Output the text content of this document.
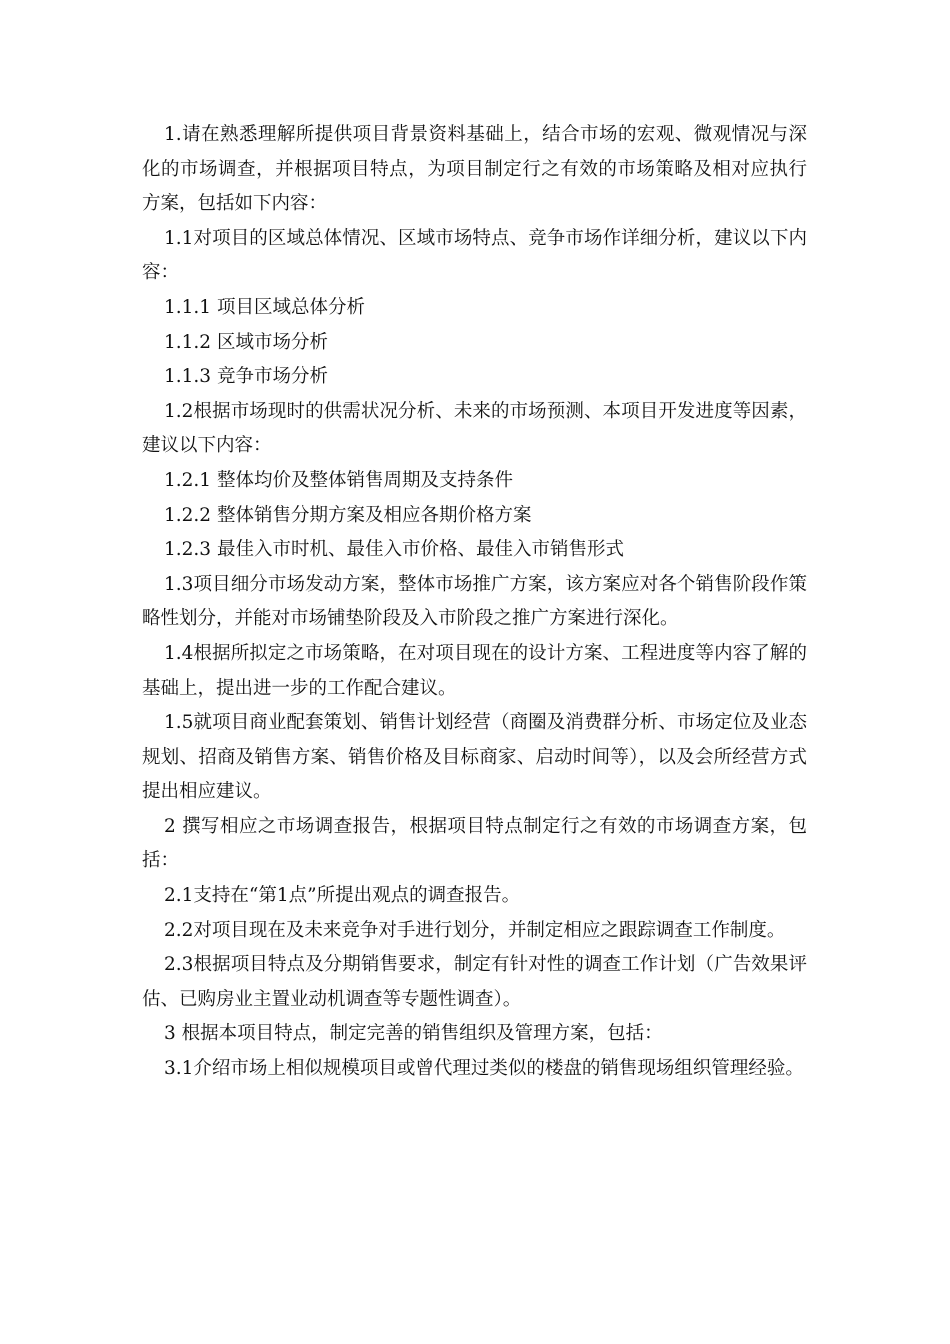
1.请在熟悉理解所提供项目背景资料基础上，结合市场的宏观、微观情况与深化的市场调查，并根据项目特点，为项目制定行之有效的市场策略及相对应执行方案，包括如下内容：

1.1对项目的区域总体情况、区域市场特点、竞争市场作详细分析，建议以下内容：

1.1.1 项目区域总体分析

1.1.2 区域市场分析

1.1.3 竞争市场分析

1.2根据市场现时的供需状况分析、未来的市场预测、本项目开发进度等因素，建议以下内容：

1.2.1 整体均价及整体销售周期及支持条件

1.2.2 整体销售分期方案及相应各期价格方案

1.2.3 最佳入市时机、最佳入市价格、最佳入市销售形式

1.3项目细分市场发动方案，整体市场推广方案，该方案应对各个销售阶段作策略性划分，并能对市场铺垫阶段及入市阶段之推广方案进行深化。

1.4根据所拟定之市场策略，在对项目现在的设计方案、工程进度等内容了解的基础上，提出进一步的工作配合建议。

1.5就项目商业配套策划、销售计划经营（商圈及消费群分析、市场定位及业态规划、招商及销售方案、销售价格及目标商家、启动时间等），以及会所经营方式提出相应建议。

2 撰写相应之市场调查报告，根据项目特点制定行之有效的市场调查方案，包括：

2.1支持在“第1点”所提出观点的调查报告。

2.2对项目现在及未来竞争对手进行划分，并制定相应之跟踪调查工作制度。

2.3根据项目特点及分期销售要求，制定有针对性的调查工作计划（广告效果评估、已购房业主置业动机调查等专题性调查）。

3 根据本项目特点，制定完善的销售组织及管理方案，包括：

3.1介绍市场上相似规模项目或曾代理过类似的楼盘的销售现场组织管理经验。
